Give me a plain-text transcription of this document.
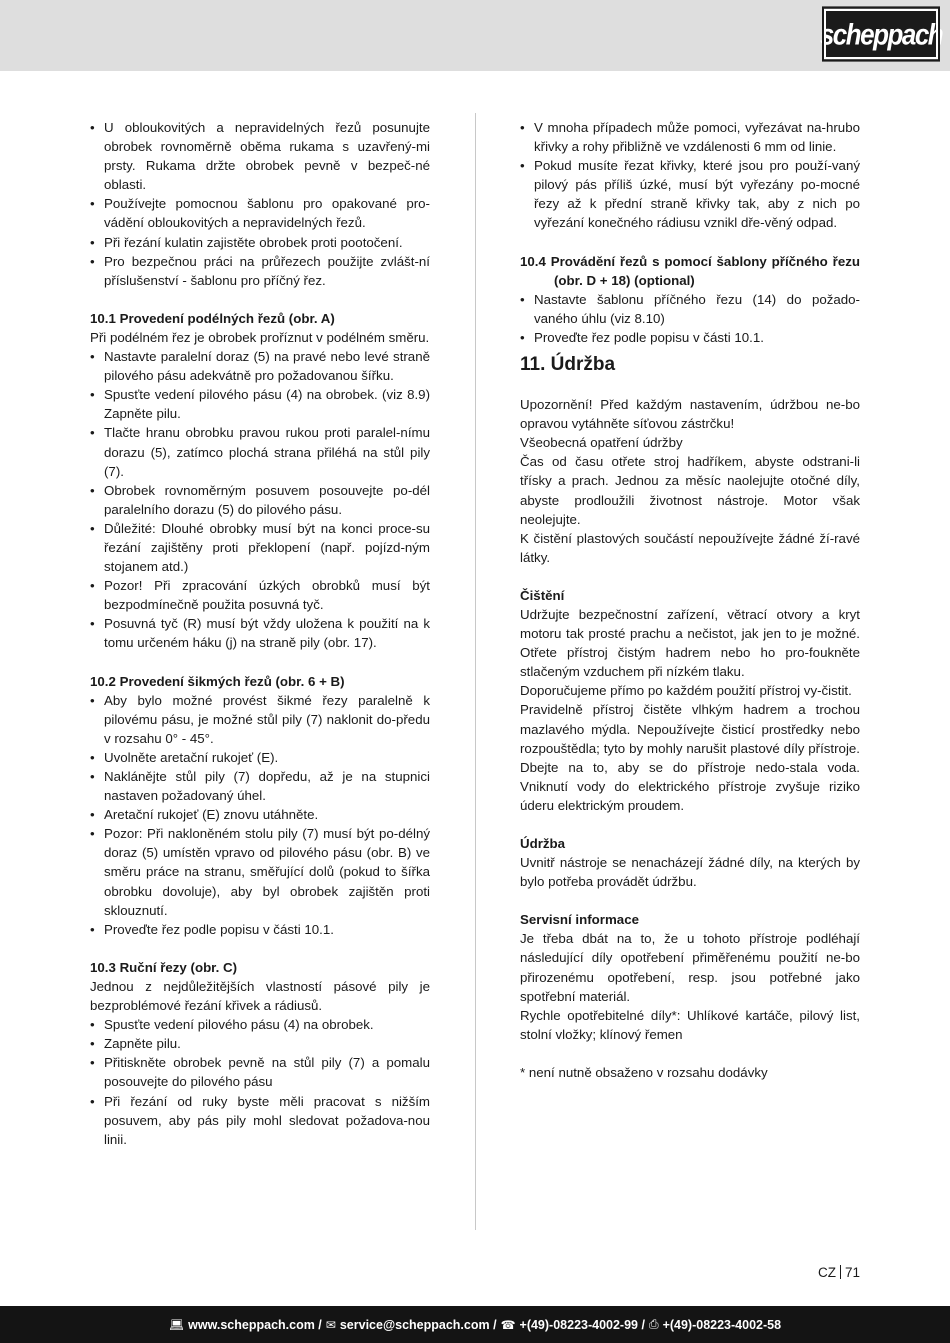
scheppach
• U obloukovitých a nepravidelných řezů posunujte obrobek rovnoměrně oběma rukama s uzavřený-mi prsty. Rukama držte obrobek pevně v bezpeč-né oblasti.
• Používejte pomocnou šablonu pro opakované pro-vádění obloukovitých a nepravidelných řezů.
• Při řezání kulatin zajistěte obrobek proti pootočení.
• Pro bezpečnou práci na průřezech použijte zvlášt-ní příslušenství - šablonu pro příčný řez.

10.1 Provedení podélných řezů (obr. A)

Při podélném řez je obrobek proříznut v podélném směru.

• Nastavte paralelní doraz (5) na pravé nebo levé straně pilového pásu adekvátně pro požadovanou šířku.
• Spusťte vedení pilového pásu (4) na obrobek. (viz 8.9) Zapněte pilu.
• Tlačte hranu obrobku pravou rukou proti paralel-nímu dorazu (5), zatímco plochá strana přiléhá na stůl pily (7).
• Obrobek rovnoměrným posuvem posouvejte po-dél paralelního dorazu (5) do pilového pásu.
• Důležité: Dlouhé obrobky musí být na konci proce-su řezání zajištěny proti překlopení (např. pojízd-ným stojanem atd.)
• Pozor! Při zpracování úzkých obrobků musí být bezpodmínečně použita posuvná tyč.
• Posuvná tyč (R) musí být vždy uložena k použití na k tomu určeném háku (j) na straně pily (obr. 17).

10.2 Provedení šikmých řezů (obr. 6 + B)

• Aby bylo možné provést šikmé řezy paralelně k pilovému pásu, je možné stůl pily (7) naklonit do-předu v rozsahu 0° - 45°.
• Uvolněte aretační rukojeť (E).
• Naklánějte stůl pily (7) dopředu, až je na stupnici nastaven požadovaný úhel.
• Aretační rukojeť (E) znovu utáhněte.
• Pozor: Při nakloněném stolu pily (7) musí být po-délný doraz (5) umístěn vpravo od pilového pásu (obr. B) ve směru práce na stranu, směřující dolů (pokud to šířka obrobku dovoluje), aby byl obrobek zajištěn proti sklouznutí.
• Proveďte řez podle popisu v části 10.1.

10.3 Ruční řezy (obr. C)

Jednou z nejdůležitějších vlastností pásové pily je bezproblémové řezání křivek a rádiusů.

• Spusťte vedení pilového pásu (4) na obrobek.
• Zapněte pilu.
• Přitiskněte obrobek pevně na stůl pily (7) a pomalu posouvejte do pilového pásu
• Při řezání od ruky byste měli pracovat s nižším posuvem, aby pás pily mohl sledovat požadova-nou linii.
• V mnoha případech může pomoci, vyřezávat na-hrubo křivky a rohy přibližně ve vzdálenosti 6 mm od linie.
• Pokud musíte řezat křivky, které jsou pro použí-vaný pilový pás příliš úzké, musí být vyřezány po-mocné řezy až k přední straně křivky tak, aby z nich po vyřezání konečného rádiusu vznikl dře-věný odpad.

10.4 Provádění řezů s pomocí šablony příčného řezu (obr. D + 18) (optional)

• Nastavte šablonu příčného řezu (14) do požado-vaného úhlu (viz 8.10)
• Proveďte řez podle popisu v části 10.1.
11. Údržba

Upozornění! Před každým nastavením, údržbou ne-bo opravou vytáhněte síťovou zástrčku!

Všeobecná opatření údržby

Čas od času otřete stroj hadříkem, abyste odstrani-li třísky a prach. Jednou za měsíc naolejujte otočné díly, abyste prodloužili životnost nástroje. Motor však neolejujte.

K čistění plastových součástí nepoužívejte žádné ží-ravé látky.

Čištění

Udržujte bezpečnostní zařízení, větrací otvory a kryt motoru tak prosté prachu a nečistot, jak jen to je možné. Otřete přístroj čistým hadrem nebo ho pro-foukněte stlačeným vzduchem při nízkém tlaku.

Doporučujeme přímo po každém použití přístroj vy-čistit.

Pravidelně přístroj čistěte vlhkým hadrem a trochou mazlavého mýdla. Nepoužívejte čisticí prostředky nebo rozpouštědla; tyto by mohly narušit plastové díly přístroje. Dbejte na to, aby se do přístroje nedo-stala voda. Vniknutí vody do elektrického přístroje zvyšuje riziko úderu elektrickým proudem.

Údržba

Uvnitř nástroje se nenacházejí žádné díly, na kterých by bylo potřeba provádět údržbu.

Servisní informace

Je třeba dbát na to, že u tohoto přístroje podléhají následující díly opotřebení přiměřenému použití ne-bo přirozenému opotřebení, resp. jsou potřebné jako spotřební materiál.

Rychle opotřebitelné díly*: Uhlíkové kartáče, pilový list, stolní vložky; klínový řemen

* není nutně obsaženo v rozsahu dodávky

CZ 71
💻︎ www.scheppach.com / ✉︎ service@scheppach.com / ☎︎ +(49)-08223-4002-99 / ⎙ +(49)-08223-4002-58
